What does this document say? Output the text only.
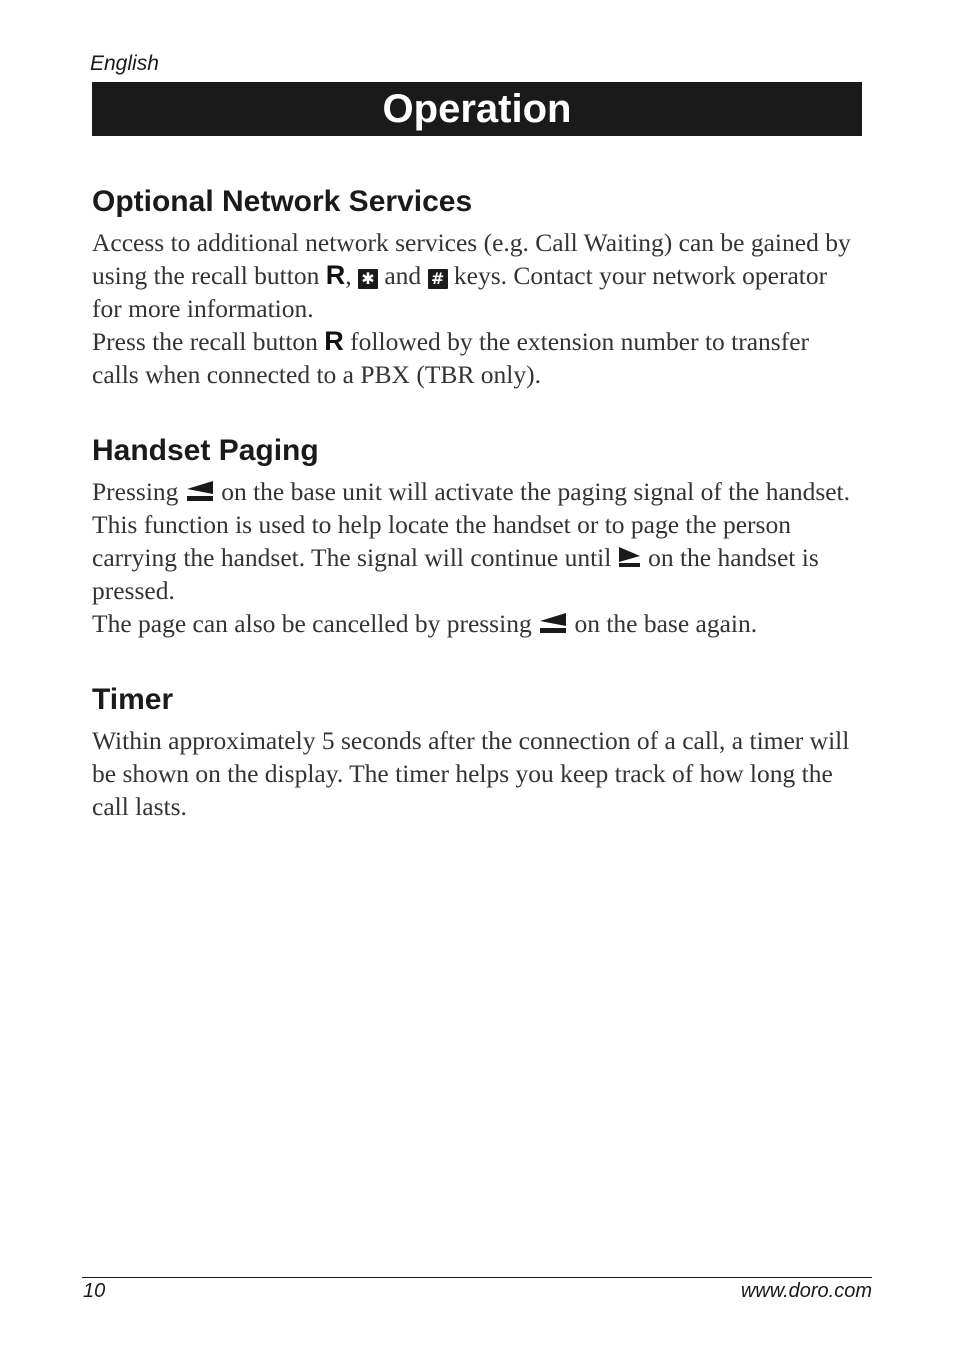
English
Operation
Optional Network Services

Access to additional network services (e.g. Call Waiting) can be gained by using the recall button R, ✱ and # keys. Contact your network operator for more information.

Press the recall button R followed by the extension number to transfer calls when connected to a PBX (TBR only).

Handset Paging

Pressing  on the base unit will activate the paging signal of the handset.

This function is used to help locate the handset or to page the person carrying the handset. The signal will continue until  on the handset is pressed.

The page can also be cancelled by pressing  on the base again.

Timer

Within approximately 5 seconds after the connection of a call, a timer will be shown on the display. The timer helps you keep track of how long the call lasts.

10	www.doro.com
